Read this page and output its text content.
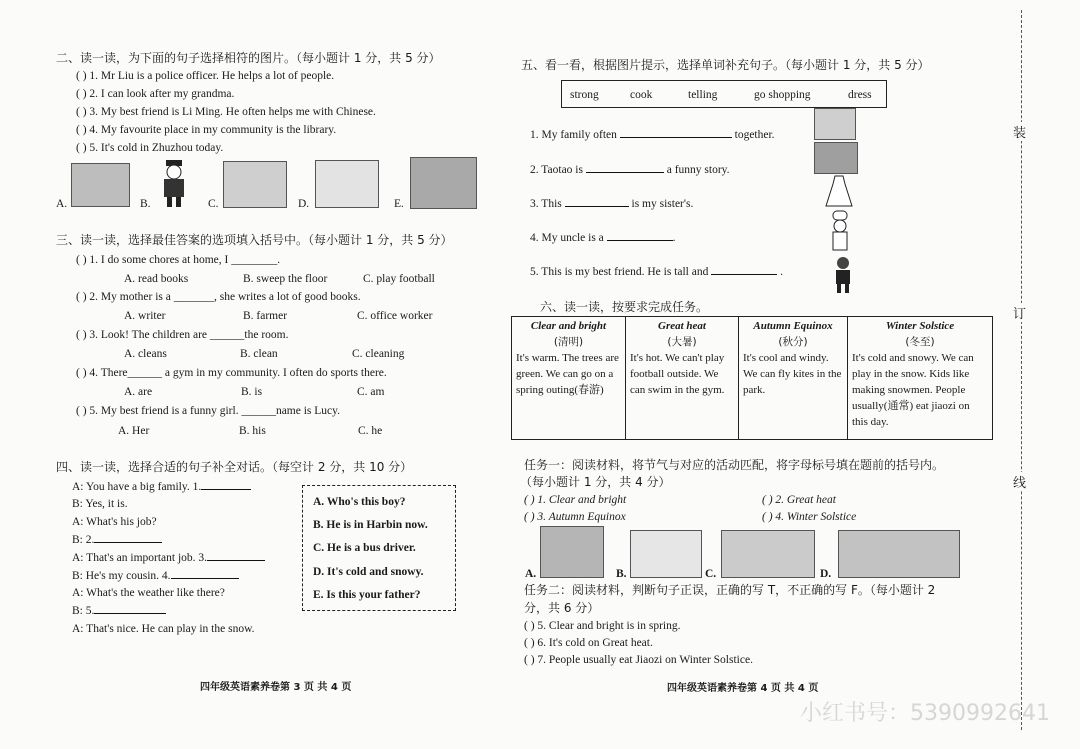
二、读一读，为下面的句子选择相符的图片。（每小题计 1 分，共 5 分）
( ) 1. Mr Liu is a police officer. He helps a lot of people.
( ) 2. I can look after my grandma.
( ) 3. My best friend is Li Ming. He often helps me with Chinese.
( ) 4. My favourite place in my community is the library.
( ) 5. It's cold in Zhuzhou today.
A.	B.	C.	D.	E.
三、读一读，选择最佳答案的选项填入括号中。（每小题计 1 分，共 5 分）
( ) 1. I do some chores at home, I ________.
A. read books	B. sweep the floor	C. play football
( ) 2. My mother is a _______, she writes a lot of good books.
A. writer	B. farmer	C. office worker
( ) 3. Look! The children are ______the room.
A. cleans	B. clean	C. cleaning
( ) 4. There______ a gym in my community. I often do sports there.
A. are	B. is	C. am
( ) 5. My best friend is a funny girl. ______name is Lucy.
A. Her	B. his	C. he
四、读一读，选择合适的句子补全对话。（每空计 2 分，共 10 分）
A: You have a big family. 1.
B: Yes, it is.
A: What's his job?
B: 2.
A: That's an important job. 3.
B: He's my cousin. 4.
A: What's the weather like there?
B: 5.
A: That's nice. He can play in the snow.
A. Who's this boy?
B. He is in Harbin now.
C. He is a bus driver.
D. It's cold and snowy.
E. Is this your father?
四年级英语素养卷第 3 页 共 4 页
五、看一看，根据图片提示，选择单词补充句子。（每小题计 1 分，共 5 分）
strong	cook	telling	go shopping	dress
1. My family often	together.
2. Taotao is	a funny story.
3. This	is my sister's.
4. My uncle is a	.
5. This is my best friend. He is tall and	.
六、读一读，按要求完成任务。
Clear and bright
(清明)
It's warm. The trees are green. We can go on a spring outing(春游)

Great heat
(大暑)
It's hot. We can't play football outside. We can swim in the gym.

Autumn Equinox
(秋分)
It's cool and windy. We can fly kites in the park.

Winter Solstice
(冬至)
It's cold and snowy. We can play in the snow. Kids like making snowmen. People usually(通常) eat jiaozi on this day.
任务一：阅读材料，将节气与对应的活动匹配，将字母标号填在题前的括号内。
（每小题计 1 分，共 4 分）
( ) 1. Clear and bright	( ) 2. Great heat
( ) 3. Autumn Equinox	( ) 4. Winter Solstice
A.	B.	C.	D.
任务二：阅读材料，判断句子正误，正确的写 T，不正确的写 F。（每小题计 2
分，共 6 分）
( ) 5. Clear and bright is in spring.
( ) 6. It's cold on Great heat.
( ) 7. People usually eat Jiaozi on Winter Solstice.
四年级英语素养卷第 4 页 共 4 页
装
订
线
小红书号：5390992641
